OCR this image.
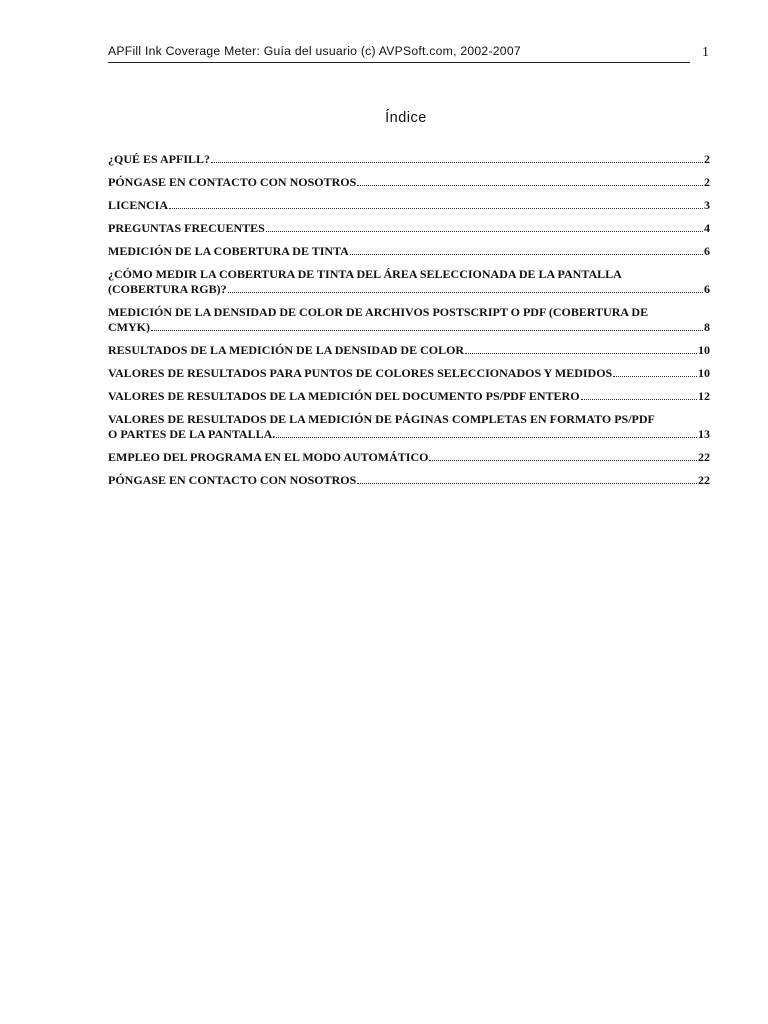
APFill Ink Coverage Meter: Guía del usuario (c) AVPSoft.com, 2002-2007	1
Índice
¿QUÉ ES APFILL?	2
PÓNGASE EN CONTACTO CON NOSOTROS	2
LICENCIA	3
PREGUNTAS FRECUENTES	4
MEDICIÓN DE LA COBERTURA DE TINTA	6
¿CÓMO MEDIR LA COBERTURA DE TINTA DEL ÁREA SELECCIONADA DE LA PANTALLA
(COBERTURA RGB)?	6
MEDICIÓN DE LA DENSIDAD DE COLOR DE ARCHIVOS POSTSCRIPT O PDF (COBERTURA DE
CMYK)	8
RESULTADOS DE LA MEDICIÓN DE LA DENSIDAD DE COLOR	10
VALORES DE RESULTADOS PARA PUNTOS DE COLORES SELECCIONADOS Y MEDIDOS	10
VALORES DE RESULTADOS DE LA MEDICIÓN DEL DOCUMENTO PS/PDF ENTERO	12
VALORES DE RESULTADOS DE LA MEDICIÓN DE PÁGINAS COMPLETAS EN FORMATO PS/PDF
O PARTES DE LA PANTALLA.	13
EMPLEO DEL PROGRAMA EN EL MODO AUTOMÁTICO	22
PÓNGASE EN CONTACTO CON NOSOTROS	22
